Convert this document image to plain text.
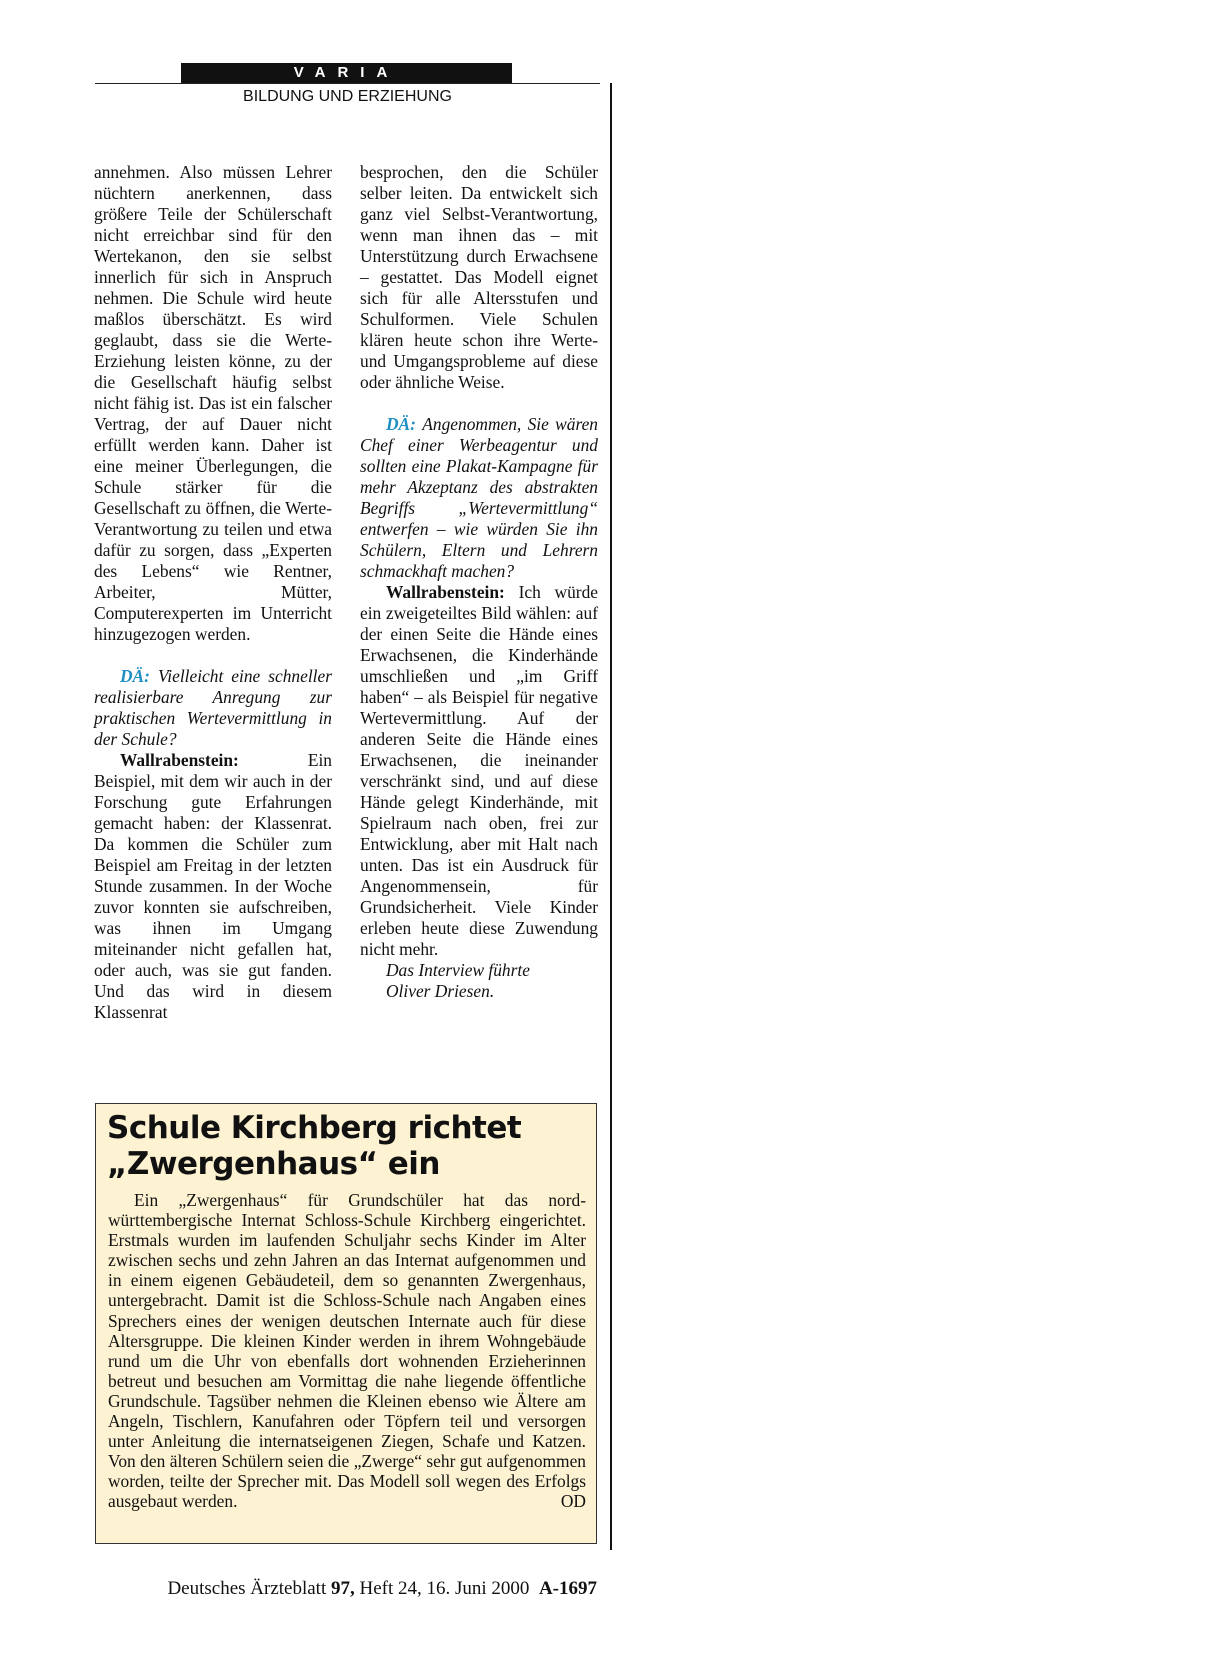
VARIA
BILDUNG UND ERZIEHUNG

annehmen. Also müssen Lehrer nüchtern anerkennen, dass größere Teile der Schülerschaft nicht erreichbar sind für den Wertekanon, den sie selbst innerlich für sich in Anspruch nehmen. Die Schule wird heute maßlos überschätzt. Es wird geglaubt, dass sie die Werte-Erziehung leisten könne, zu der die Gesellschaft häufig selbst nicht fähig ist. Das ist ein falscher Vertrag, der auf Dauer nicht erfüllt werden kann. Daher ist eine meiner Überlegungen, die Schule stärker für die Gesellschaft zu öffnen, die Werte-Verantwortung zu teilen und etwa dafür zu sorgen, dass „Experten des Lebens“ wie Rentner, Arbeiter, Mütter, Computerexperten im Unterricht hinzugezogen werden.

DÄ: Vielleicht eine schneller realisierbare Anregung zur praktischen Wertevermittlung in der Schule?

Wallrabenstein:	Ein Beispiel, mit dem wir auch in der Forschung gute Erfahrungen gemacht haben: der Klassenrat. Da kommen die Schüler zum Beispiel am Freitag in der letzten Stunde zusammen. In der Woche zuvor konnten sie aufschreiben, was ihnen im Umgang miteinander nicht gefallen hat, oder auch, was sie gut fanden. Und das wird in diesem Klassenrat

besprochen, den die Schüler selber leiten. Da entwickelt sich ganz viel Selbst-Verantwortung, wenn man ihnen das – mit Unterstützung durch Erwachsene – gestattet. Das Modell eignet sich für alle Altersstufen und Schulformen. Viele Schulen klären heute schon ihre Werte- und Umgangsprobleme auf diese oder ähnliche Weise.

DÄ: Angenommen, Sie wären Chef einer Werbeagentur und sollten eine Plakat-Kampagne für mehr Akzeptanz des abstrakten Begriffs „Wertevermittlung“ entwerfen – wie würden Sie ihn Schülern, Eltern und Lehrern schmackhaft machen?

Wallrabenstein: Ich würde ein zweigeteiltes Bild wählen: auf der einen Seite die Hände eines Erwachsenen, die Kinderhände umschließen und „im Griff haben“ – als Beispiel für negative Wertevermittlung. Auf der anderen Seite die Hände eines Erwachsenen, die ineinander verschränkt sind, und auf diese Hände gelegt Kinderhände, mit Spielraum nach oben, frei zur Entwicklung, aber mit Halt nach unten. Das ist ein Ausdruck für Angenommensein, für Grundsicherheit. Viele Kinder erleben heute diese Zuwendung nicht mehr.

Das Interview führte
Oliver Driesen.

Schule Kirchberg richtet „Zwergenhaus“ ein

Ein „Zwergenhaus“ für Grundschüler hat das nord-württembergische Internat Schloss-Schule Kirchberg eingerichtet. Erstmals wurden im laufenden Schuljahr sechs Kinder im Alter zwischen sechs und zehn Jahren an das Internat aufgenommen und in einem eigenen Gebäudeteil, dem so genannten Zwergenhaus, untergebracht. Damit ist die Schloss-Schule nach Angaben eines Sprechers eines der wenigen deutschen Internate auch für diese Altersgruppe. Die kleinen Kinder werden in ihrem Wohngebäude rund um die Uhr von ebenfalls dort wohnenden Erzieherinnen betreut und besuchen am Vormittag die nahe liegende öffentliche Grundschule. Tagsüber nehmen die Kleinen ebenso wie Ältere am Angeln, Tischlern, Kanufahren oder Töpfern teil und versorgen unter Anleitung die internatseigenen Ziegen, Schafe und Katzen. Von den älteren Schülern seien die „Zwerge“ sehr gut aufgenommen worden, teilte der Sprecher mit. Das Modell soll wegen des Erfolgs ausgebaut werden.	OD

Deutsches Ärzteblatt 97, Heft 24, 16. Juni 2000 A-1697
